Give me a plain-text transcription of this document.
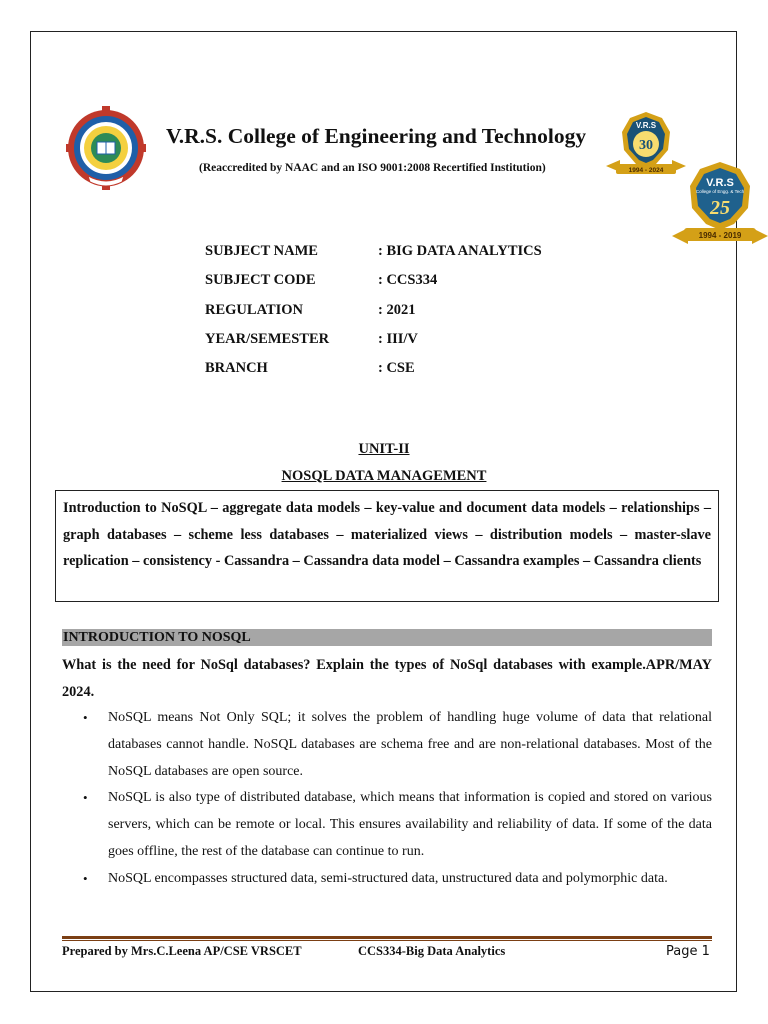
V.R.S. College of Engineering and Technology
(Reaccredited by NAAC and an ISO 9001:2008 Recertified Institution)
V.R.S
30
1994 - 2024
V.R.S
College of Engg. & Tech
25
1994 - 2019
SUBJECT NAME	: BIG DATA ANALYTICS
SUBJECT CODE	: CCS334
REGULATION	: 2021
YEAR/SEMESTER	: III/V
BRANCH	: CSE
UNIT-II
NOSQL DATA MANAGEMENT
Introduction to NoSQL – aggregate data models – key-value and document data models – relationships – graph databases – scheme less databases – materialized views – distribution models – master-slave replication – consistency - Cassandra – Cassandra data model – Cassandra examples – Cassandra clients
INTRODUCTION TO NOSQL
What is the need for NoSql databases? Explain the types of NoSql databases with example.APR/MAY 2024.
• NoSQL means Not Only SQL; it solves the problem of handling huge volume of data that relational databases cannot handle. NoSQL databases are schema free and are non-relational databases. Most of the NoSQL databases are open source.
• NoSQL is also type of distributed database, which means that information is copied and stored on various servers, which can be remote or local. This ensures availability and reliability of data. If some of the data goes offline, the rest of the database can continue to run.
• NoSQL encompasses structured data, semi-structured data, unstructured data and polymorphic data.
Prepared by Mrs.C.Leena AP/CSE VRSCET	CCS334-Big Data Analytics	Page 1
